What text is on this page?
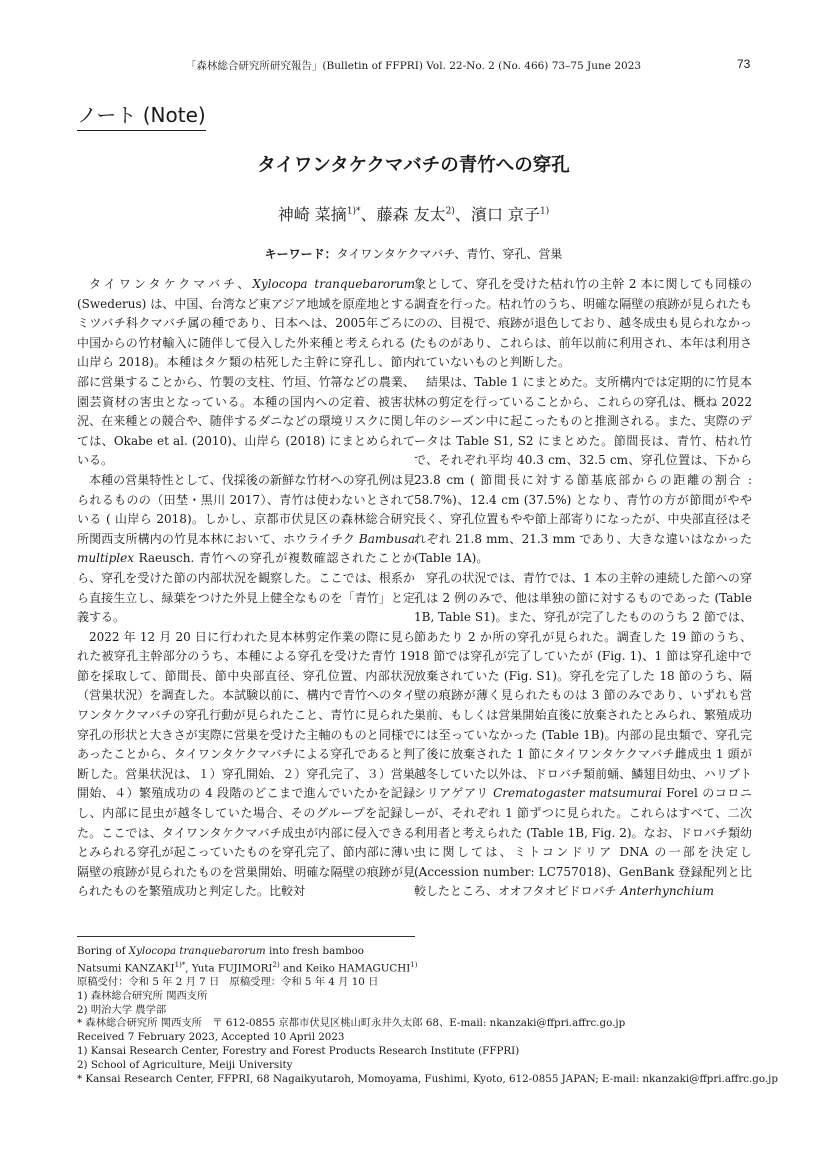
「森林総合研究所研究報告」(Bulletin of FFPRI) Vol. 22-No. 2 (No. 466) 73–75 June 2023	73
ノート (Note)
タイワンタケクマバチの青竹への穿孔
神崎 菜摘$^{1)*}$、藤森 友太$^{2)}$、濱口 京子$^{1)}$
キーワード：タイワンタケクマバチ、青竹、穿孔、営巣

タイワンタケクマバチ、Xylocopa tranquebarorum (Swederus) は、中国、台湾など東アジア地域を原産地とするミツバチ科クマバチ属の種であり、日本へは、2005年ごろに中国からの竹材輸入に随伴して侵入した外来種と考えられる ( 山岸ら 2018)。本種はタケ類の枯死した主幹に穿孔し、節内部に営巣することから、竹製の支柱、竹垣、竹箒などの農業、園芸資材の害虫となっている。本種の国内への定着、被害状況、在来種との競合や、随伴するダニなどの環境リスクに関しては、Okabe et al. (2010)、山岸ら (2018) にまとめられている。

本種の営巣特性として、伐採後の新鮮な竹材への穿孔例は見られるものの（田埜・黒川 2017）、青竹は使わないとされている ( 山岸ら 2018)。しかし、京都市伏見区の森林総合研究所関西支所構内の竹見本林において、ホウライチク Bambusa multiplex Raeusch. 青竹への穿孔が複数確認されたことから、穿孔を受けた節の内部状況を観察した。ここでは、根系から直接生立し、緑葉をつけた外見上健全なものを「青竹」と定義する。

2022 年 12 月 20 日に行われた見本林剪定作業の際に見られた被穿孔主幹部分のうち、本種による穿孔を受けた青竹 19 節を採取して、節間長、節中央部直径、穿孔位置、内部状況（営巣状況）を調査した。本試験以前に、構内で青竹へのタイワンタケクマバチの穿孔行動が見られたこと、青竹に見られた穿孔の形状と大きさが実際に営巣を受けた主軸のものと同様であったことから、タイワンタケクマバチによる穿孔であると判断した。営巣状況は、１）穿孔開始、２）穿孔完了、３）営巣開始、４）繁殖成功の 4 段階のどこまで進んでいたかを記録し、内部に昆虫が越冬していた場合、そのグループを記録した。ここでは、タイワンタケクマバチ成虫が内部に侵入できるとみられる穿孔が起こっていたものを穿孔完了、節内部に薄い隔壁の痕跡が見られたものを営巣開始、明確な隔壁の痕跡が見られたものを繁殖成功と判定した。比較対

象として、穿孔を受けた枯れ竹の主幹 2 本に関しても同様の調査を行った。枯れ竹のうち、明確な隔壁の痕跡が見られたものの、目視で、痕跡が退色しており、越冬成虫も見られなかったものがあり、これらは、前年以前に利用され、本年は利用されていないものと判断した。

結果は、Table 1 にまとめた。支所構内では定期的に竹見本林の剪定を行っていることから、これらの穿孔は、概ね 2022 年のシーズン中に起こったものと推測される。また、実際のデータは Table S1, S2 にまとめた。節間長は、青竹、枯れ竹で、それぞれ平均 40.3 cm、32.5 cm、穿孔位置は、下から 23.8 cm ( 節間長に対する節基底部からの距離の割合 : 58.7%)、12.4 cm (37.5%) となり、青竹の方が節間がやや長く、穿孔位置もやや節上部寄りになったが、中央部直径はそれぞれ 21.8 mm、21.3 mm であり、大きな違いはなかった (Table 1A)。

穿孔の状況では、青竹では、1 本の主幹の連続した節への穿孔は 2 例のみで、他は単独の節に対するものであった (Table 1B, Table S1)。また、穿孔が完了したもののうち 2 節では、節あたり 2 か所の穿孔が見られた。調査した 19 節のうち、18 節では穿孔が完了していたが (Fig. 1)、1 節は穿孔途中で放棄されていた (Fig. S1)。穿孔を完了した 18 節のうち、隔壁の痕跡が薄く見られたものは 3 節のみであり、いずれも営巣前、もしくは営巣開始直後に放棄されたとみられ、繁殖成功には至っていなかった (Table 1B)。内部の昆虫類で、穿孔完了後に放棄された 1 節にタイワンタケクマバチ雌成虫 1 頭が越冬していた以外は、ドロバチ類前蛹、鱗翅目幼虫、ハリブトシリアゲアリ Crematogaster matsumurai Forel のコロニーが、それぞれ 1 節ずつに見られた。これらはすべて、二次利用者と考えられた (Table 1B, Fig. 2)。なお、ドロバチ類幼虫に関しては、ミトコンドリア DNA の一部を決定し (Accession number: LC757018)、GenBank 登録配列と比較したところ、オオフタオビドロバチ Anterhynchium

Boring of Xylocopa tranquebarorum into fresh bamboo
Natsumi $KANZAKI^{1)*}$, Yuta FUJIMORI$^{2)}$ and Keiko HAMAGUCHI$^{1)}$
原稿受付：令和 5 年 2 月 7 日　原稿受理：令和 5 年 4 月 10 日
1) 森林総合研究所 関西支所
2) 明治大学 農学部
* 森林総合研究所 関西支所　〒 612-0855 京都市伏見区桃山町永井久太郎 68、E-mail: nkanzaki@ffpri.affrc.go.jp
Received 7 February 2023, Accepted 10 April 2023
1) Kansai Research Center, Forestry and Forest Products Research Institute (FFPRI)
2) School of Agriculture, Meiji University
* Kansai Research Center, FFPRI, 68 Nagaikyutaroh, Momoyama, Fushimi, Kyoto, 612-0855 JAPAN; E-mail: nkanzaki@ffpri.affrc.go.jp
